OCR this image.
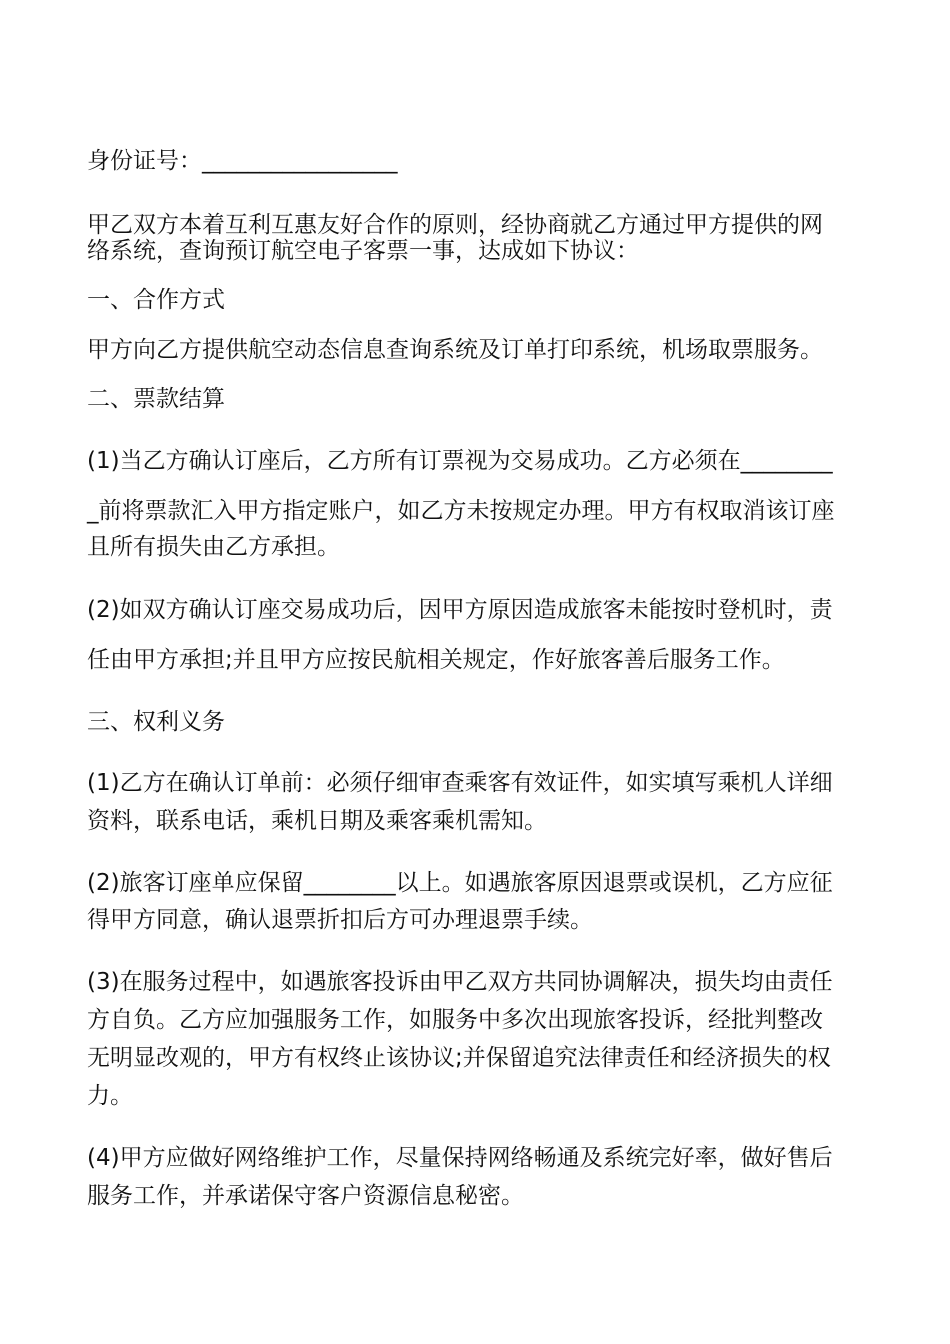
身份证号：_________________
甲乙双方本着互利互惠友好合作的原则，经协商就乙方通过甲方提供的网
络系统，查询预订航空电子客票一事，达成如下协议：
一、合作方式
甲方向乙方提供航空动态信息查询系统及订单打印系统，机场取票服务。
二、票款结算
(1)当乙方确认订座后，乙方所有订票视为交易成功。乙方必须在________
_前将票款汇入甲方指定账户，如乙方未按规定办理。甲方有权取消该订座
且所有损失由乙方承担。
(2)如双方确认订座交易成功后，因甲方原因造成旅客未能按时登机时，责
任由甲方承担;并且甲方应按民航相关规定，作好旅客善后服务工作。
三、权利义务
(1)乙方在确认订单前：必须仔细审查乘客有效证件，如实填写乘机人详细
资料，联系电话，乘机日期及乘客乘机需知。
(2)旅客订座单应保留________以上。如遇旅客原因退票或误机，乙方应征
得甲方同意，确认退票折扣后方可办理退票手续。
(3)在服务过程中，如遇旅客投诉由甲乙双方共同协调解决，损失均由责任
方自负。乙方应加强服务工作，如服务中多次出现旅客投诉，经批判整改
无明显改观的，甲方有权终止该协议;并保留追究法律责任和经济损失的权
力。
(4)甲方应做好网络维护工作，尽量保持网络畅通及系统完好率，做好售后
服务工作，并承诺保守客户资源信息秘密。
